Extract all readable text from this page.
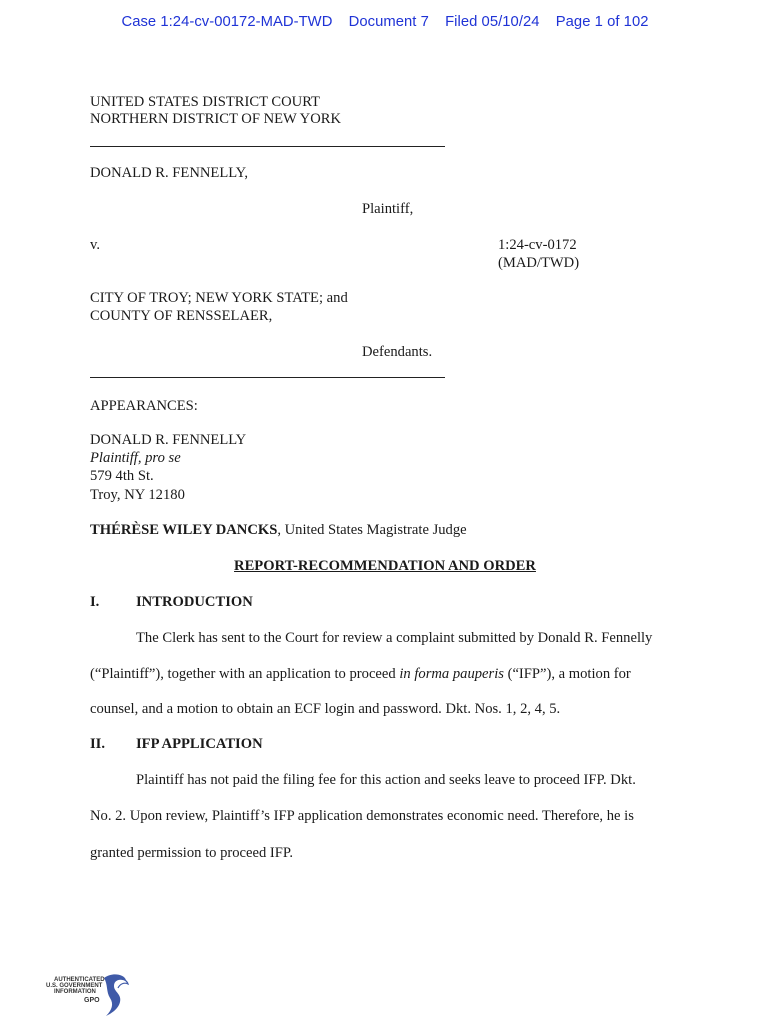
Case 1:24-cv-00172-MAD-TWD Document 7 Filed 05/10/24 Page 1 of 102
UNITED STATES DISTRICT COURT
NORTHERN DISTRICT OF NEW YORK
DONALD R. FENNELLY,
Plaintiff,
v.	1:24-cv-0172
(MAD/TWD)
CITY OF TROY; NEW YORK STATE; and
COUNTY OF RENSSELAER,
Defendants.
APPEARANCES:
DONALD R. FENNELLY
Plaintiff, pro se
579 4th St.
Troy, NY 12180
THÉRÈSE WILEY DANCKS, United States Magistrate Judge
REPORT-RECOMMENDATION AND ORDER
I.	INTRODUCTION
The Clerk has sent to the Court for review a complaint submitted by Donald R. Fennelly
(“Plaintiff”), together with an application to proceed in forma pauperis (“IFP”), a motion for
counsel, and a motion to obtain an ECF login and password. Dkt. Nos. 1, 2, 4, 5.
II. IFP APPLICATION
Plaintiff has not paid the filing fee for this action and seeks leave to proceed IFP. Dkt.
No. 2. Upon review, Plaintiff’s IFP application demonstrates economic need. Therefore, he is
granted permission to proceed IFP.
AUTHENTICATED
U.S. GOVERNMENT
INFORMATION
GPO
